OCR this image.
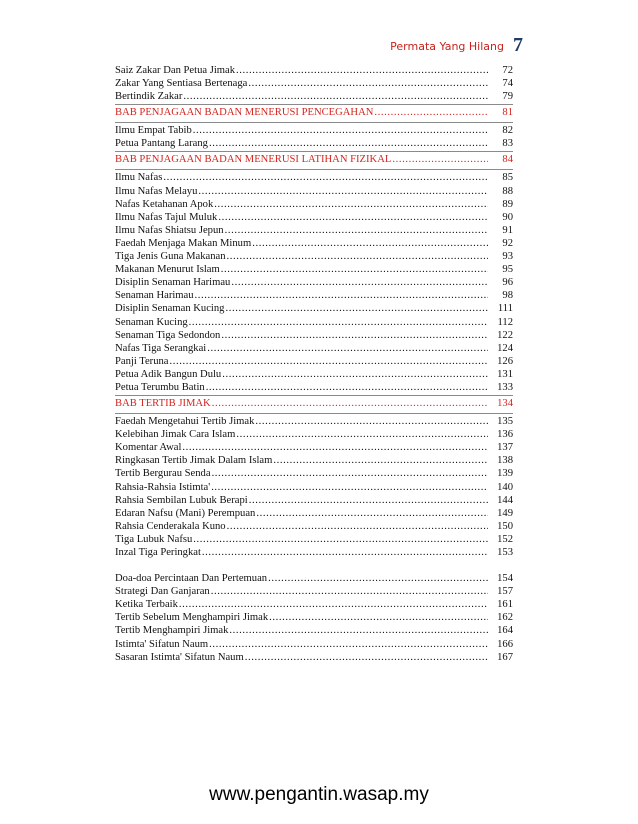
Permata Yang Hilang 7
Saiz Zakar Dan Petua Jimak .....	72
Zakar Yang Sentiasa Bertenaga .....	74
Bertindik Zakar .....	79
BAB PENJAGAAN BADAN MENERUSI PENCEGAHAN .....	81
Ilmu Empat Tabib .....	82
Petua Pantang Larang .....	83
BAB PENJAGAAN BADAN MENERUSI LATIHAN FIZIKAL .....	84
Ilmu Nafas .....	85
Ilmu Nafas Melayu .....	88
Nafas Ketahanan Apok .....	89
Ilmu Nafas Tajul Muluk .....	90
Ilmu Nafas Shiatsu Jepun .....	91
Faedah Menjaga Makan Minum .....	92
Tiga Jenis Guna Makanan .....	93
Makanan Menurut Islam .....	95
Disiplin Senaman Harimau .....	96
Senaman Harimau .....	98
Disiplin Senaman Kucing .....	111
Senaman Kucing .....	112
Senaman Tiga Sedondon .....	122
Nafas Tiga Serangkai .....	124
Panji Teruna .....	126
Petua Adik Bangun Dulu .....	131
Petua Terumbu Batin .....	133
BAB TERTIB JIMAK .....	134
Faedah Mengetahui Tertib Jimak .....	135
Kelebihan Jimak Cara Islam .....	136
Komentar Awal .....	137
Ringkasan Tertib Jimak Dalam Islam .....	138
Tertib Bergurau Senda .....	139
Rahsia-Rahsia Istimta' .....	140
Rahsia Sembilan Lubuk Berapi .....	144
Edaran Nafsu (Mani) Perempuan .....	149
Rahsia Cenderakala Kuno .....	150
Tiga Lubuk Nafsu .....	152
Inzal Tiga Peringkat .....	153
Doa-doa Percintaan Dan Pertemuan .....	154
Strategi Dan Ganjaran .....	157
Ketika Terbaik .....	161
Tertib Sebelum Menghampiri Jimak .....	162
Tertib Menghampiri Jimak .....	164
Istimta' Sifatun Naum .....	166
Sasaran Istimta' Sifatun Naum .....	167
www.pengantin.wasap.my
